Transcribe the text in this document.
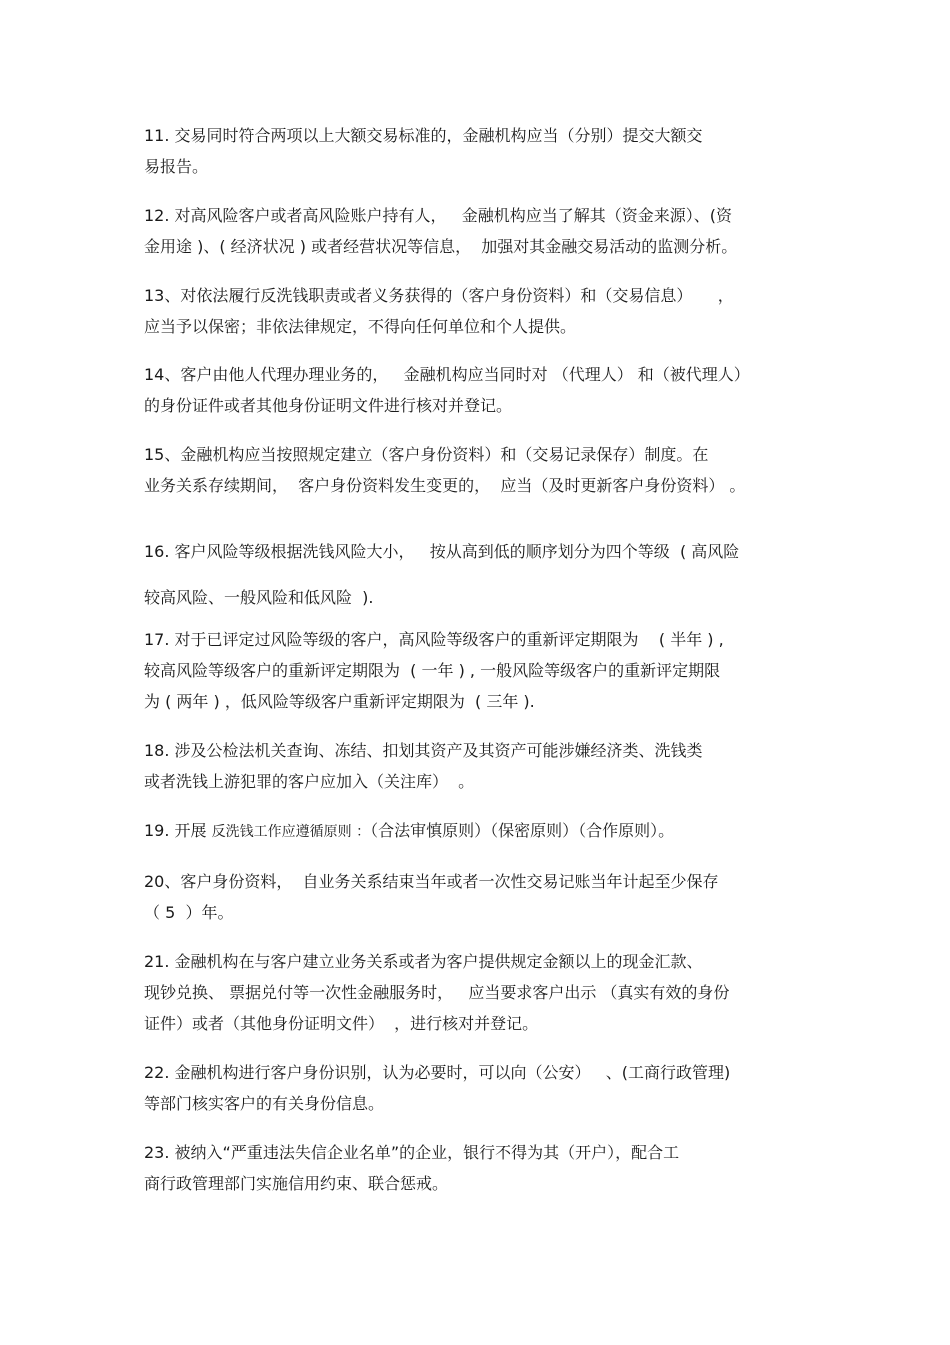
11. 交易同时符合两项以上大额交易标准的，金融机构应当（分别）提交大额交
易报告。
12. 对高风险客户或者高风险账户持有人，   金融机构应当了解其（资金来源）、(资
金用途 )、( 经济状况 ) 或者经营状况等信息，  加强对其金融交易活动的监测分析。
13、对依法履行反洗钱职责或者义务获得的（客户身份资料）和（交易信息）     ，
应当予以保密；非依法律规定，不得向任何单位和个人提供。
14、客户由他人代理办理业务的，   金融机构应当同时对 （代理人） 和（被代理人）
的身份证件或者其他身份证明文件进行核对并登记。
15、金融机构应当按照规定建立（客户身份资料）和（交易记录保存）制度。在
业务关系存续期间，  客户身份资料发生变更的，  应当（及时更新客户身份资料） 。
16. 客户风险等级根据洗钱风险大小，   按从高到低的顺序划分为四个等级  ( 高风险
较高风险、一般风险和低风险  ).
17. 对于已评定过风险等级的客户，高风险等级客户的重新评定期限为    ( 半年 ) ,
较高风险等级客户的重新评定期限为  ( 一年 ) , 一般风险等级客户的重新评定期限
为 ( 两年 ) ，低风险等级客户重新评定期限为  ( 三年 ).
18. 涉及公检法机关查询、冻结、扣划其资产及其资产可能涉嫌经济类、洗钱类
或者洗钱上游犯罪的客户应加入（关注库）  。
19. 开展 反洗钱工作应遵循原则 ：（合法审慎原则）（保密原则）（合作原则）。
20、客户身份资料，  自业务关系结束当年或者一次性交易记账当年计起至少保存
（ 5  ）年。
21. 金融机构在与客户建立业务关系或者为客户提供规定金额以上的现金汇款、
现钞兑换、 票据兑付等一次性金融服务时，   应当要求客户出示 （真实有效的身份
证件）或者（其他身份证明文件）  ，进行核对并登记。
22. 金融机构进行客户身份识别，认为必要时，可以向（公安）   、(工商行政管理)
等部门核实客户的有关身份信息。
23. 被纳入“严重违法失信企业名单”的企业，银行不得为其（开户），配合工
商行政管理部门实施信用约束、联合惩戒。
